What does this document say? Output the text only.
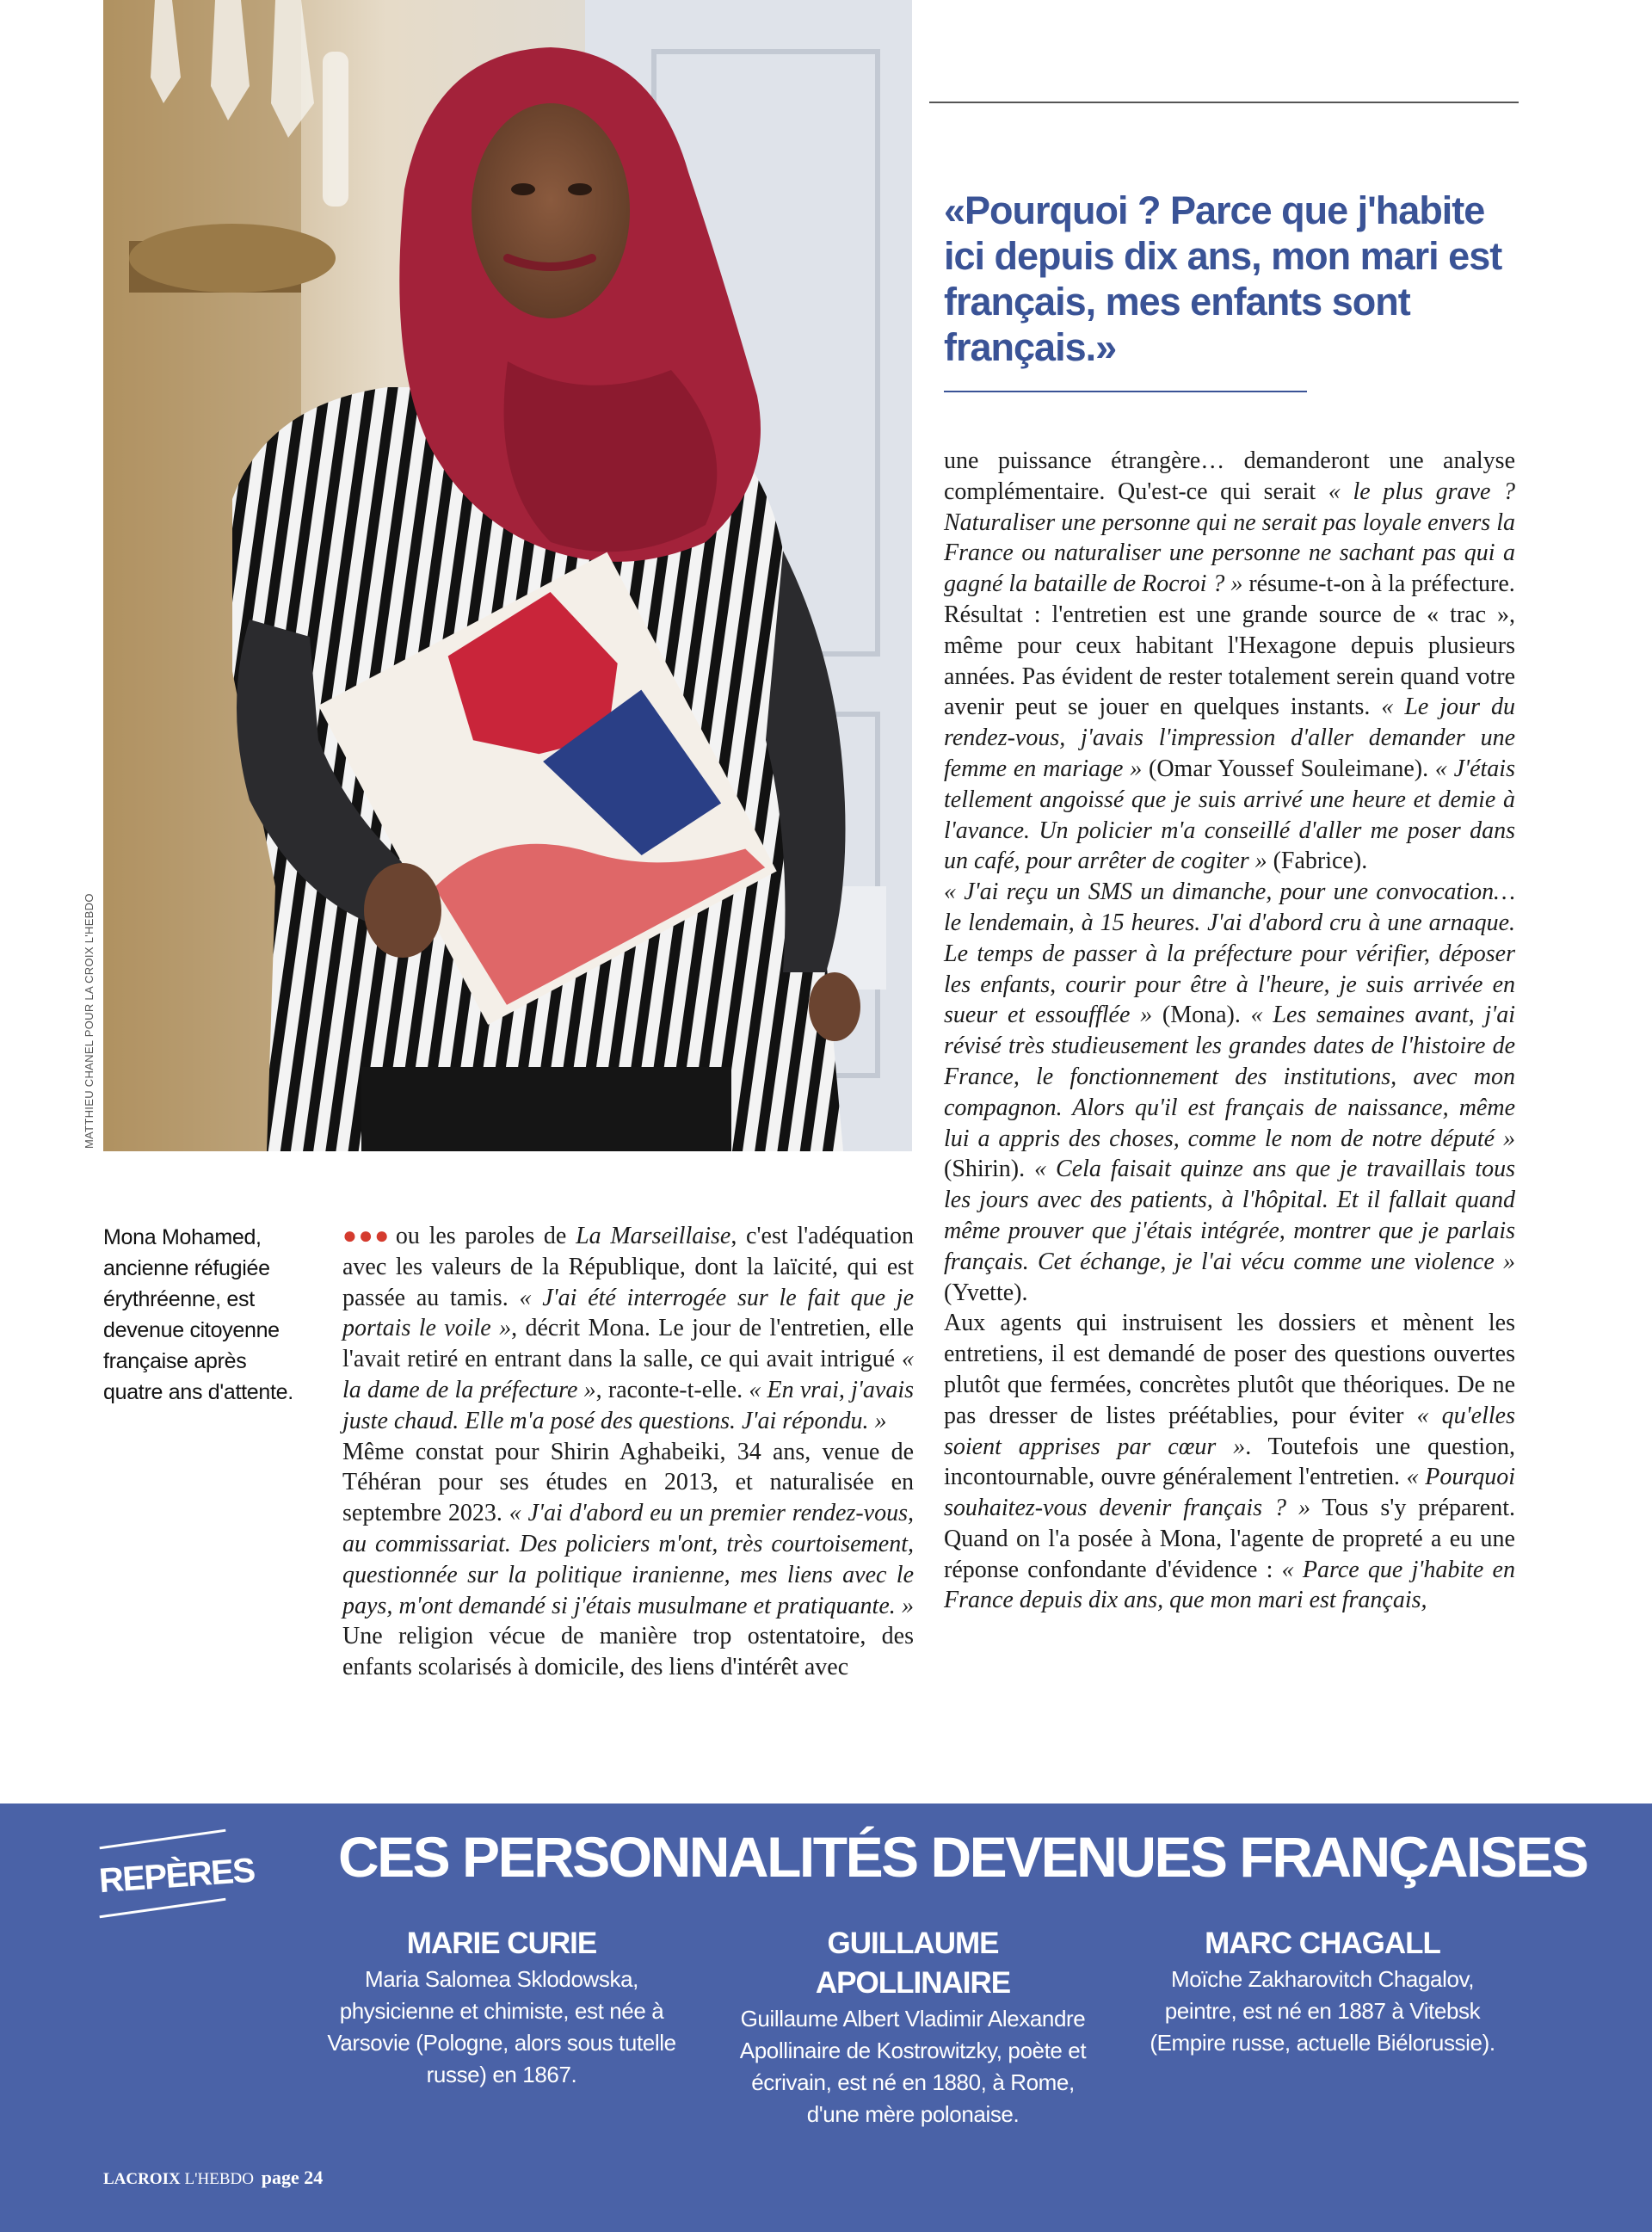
MATTHIEU CHANEL POUR LA CROIX L'HEBDO
Mona Mohamed, ancienne réfugiée érythréenne, est devenue citoyenne française après quatre ans d'attente.

●●● ou les paroles de La Marseillaise, c'est l'adéquation avec les valeurs de la République, dont la laïcité, qui est passée au tamis. « J'ai été interrogée sur le fait que je portais le voile », décrit Mona. Le jour de l'entretien, elle l'avait retiré en entrant dans la salle, ce qui avait intrigué « la dame de la préfecture », raconte-t-elle. « En vrai, j'avais juste chaud. Elle m'a posé des questions. J'ai répondu. »

Même constat pour Shirin Aghabeiki, 34 ans, venue de Téhéran pour ses études en 2013, et naturalisée en septembre 2023. « J'ai d'abord eu un premier rendez-vous, au commissariat. Des policiers m'ont, très courtoisement, questionnée sur la politique iranienne, mes liens avec le pays, m'ont demandé si j'étais musulmane et pratiquante. » Une religion vécue de manière trop ostentatoire, des enfants scolarisés à domicile, des liens d'intérêt avec

«Pourquoi ? Parce que j'habite ici depuis dix ans, mon mari est français, mes enfants sont français.»

une puissance étrangère… demanderont une analyse complémentaire. Qu'est-ce qui serait « le plus grave ? Naturaliser une personne qui ne serait pas loyale envers la France ou naturaliser une personne ne sachant pas qui a gagné la bataille de Rocroi ? » résume-t-on à la préfecture.

Résultat : l'entretien est une grande source de « trac », même pour ceux habitant l'Hexagone depuis plusieurs années. Pas évident de rester totalement serein quand votre avenir peut se jouer en quelques instants. « Le jour du rendez-vous, j'avais l'impression d'aller demander une femme en mariage » (Omar Youssef Souleimane). « J'étais tellement angoissé que je suis arrivé une heure et demie à l'avance. Un policier m'a conseillé d'aller me poser dans un café, pour arrêter de cogiter » (Fabrice).

« J'ai reçu un SMS un dimanche, pour une convocation… le lendemain, à 15 heures. J'ai d'abord cru à une arnaque. Le temps de passer à la préfecture pour vérifier, déposer les enfants, courir pour être à l'heure, je suis arrivée en sueur et essoufflée » (Mona). « Les semaines avant, j'ai révisé très studieusement les grandes dates de l'histoire de France, le fonctionnement des institutions, avec mon compagnon. Alors qu'il est français de naissance, même lui a appris des choses, comme le nom de notre député » (Shirin). « Cela faisait quinze ans que je travaillais tous les jours avec des patients, à l'hôpital. Et il fallait quand même prouver que j'étais intégrée, montrer que je parlais français. Cet échange, je l'ai vécu comme une violence » (Yvette).

Aux agents qui instruisent les dossiers et mènent les entretiens, il est demandé de poser des questions ouvertes plutôt que fermées, concrètes plutôt que théoriques. De ne pas dresser de listes préétablies, pour éviter « qu'elles soient apprises par cœur ». Toutefois une question, incontournable, ouvre généralement l'entretien. « Pourquoi souhaitez-vous devenir français ? » Tous s'y préparent. Quand on l'a posée à Mona, l'agente de propreté a eu une réponse confondante d'évidence : « Parce que j'habite en France depuis dix ans, que mon mari est français,

REPÈRES CES PERSONNALITÉS DEVENUES FRANÇAISES
MARIE CURIE
Maria Salomea Sklodowska, physicienne et chimiste, est née à Varsovie (Pologne, alors sous tutelle russe) en 1867.
GUILLAUME APOLLINAIRE
Guillaume Albert Vladimir Alexandre Apollinaire de Kostrowitzky, poète et écrivain, est né en 1880, à Rome, d'une mère polonaise.
MARC CHAGALL
Moïche Zakharovitch Chagalov, peintre, est né en 1887 à Vitebsk (Empire russe, actuelle Biélorussie).
LACROIX L'HEBDO page 24
